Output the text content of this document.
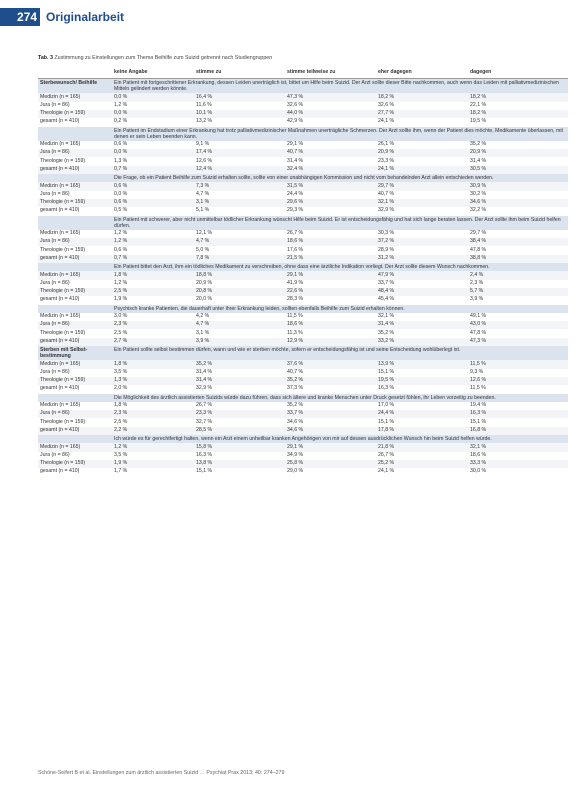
274 Originalarbeit
Tab. 3 Zustimmung zu Einstellungen zum Thema Beihilfe zum Suizid getrennt nach Studiengruppen
	keine Angabe	stimme zu	stimme teilweise zu	eher dagegen	dagegen
Sterbewunsch/ Beihilfe	Ein Patient mit fortgeschrittener Erkrankung, dessen Leiden unerträglich ist, bittet um Hilfe beim Suizid. Der Arzt sollte dieser Bitte nachkommen, auch wenn das Leiden mit palliativmedizinischen Mitteln gelindert werden könnte.				
Medizin (n = 165)	0,0 %	16,4 %	47,3 %	18,2 %	18,2 %
Jura (n = 86)	1,2 %	11,6 %	32,6 %	32,6 %	22,1 %
Theologie (n = 159)	0,0 %	10,1 %	44,0 %	27,7 %	18,2 %
gesamt (n = 410)	0,2 %	13,2 %	42,9 %	24,1 %	19,5 %
	Ein Patient im Endstadium einer Erkrankung hat trotz palliativmedizinischer Maßnahmen unerträgliche Schmerzen. Der Arzt sollte ihm, wenn der Patient dies möchte, Medikamente überlassen, mit denen er sein Leben beenden kann.				
Medizin (n = 165)	0,6 %	9,1 %	29,1 %	26,1 %	35,2 %
Jura (n = 86)	0,0 %	17,4 %	40,7 %	20,9 %	20,9 %
Theologie (n = 159)	1,3 %	12,6 %	31,4 %	23,3 %	31,4 %
gesamt (n = 410)	0,7 %	12,4 %	32,4 %	24,1 %	30,5 %
	Die Frage, ob ein Patient Beihilfe zum Suizid erhalten sollte, sollte von einer unabhängigen Kommission und nicht vom behandelnden Arzt allein entschieden werden.				
Medizin (n = 165)	0,6 %	7,3 %	31,5 %	29,7 %	30,9 %
Jura (n = 86)	0,0 %	4,7 %	24,4 %	40,7 %	30,2 %
Theologie (n = 159)	0,6 %	3,1 %	29,6 %	32,1 %	34,6 %
gesamt (n = 410)	0,5 %	5,1 %	29,3 %	32,9 %	32,2 %
	Ein Patient mit schwerer, aber nicht unmittelbar tödlicher Erkrankung wünscht Hilfe beim Suizid. Er ist entscheidungsfähig und hat sich lange beraten lassen. Der Arzt sollte ihm beim Suizid helfen dürfen.				
Medizin (n = 165)	1,2 %	12,1 %	26,7 %	30,3 %	29,7 %
Jura (n = 86)	1,2 %	4,7 %	18,6 %	37,2 %	38,4 %
Theologie (n = 159)	0,6 %	5,0 %	17,6 %	28,9 %	47,8 %
gesamt (n = 410)	0,7 %	7,8 %	21,5 %	31,2 %	38,8 %
	Ein Patient bittet den Arzt, ihm ein tödliches Medikament zu verschreiben, ohne dass eine ärztliche Indikation vorliegt. Der Arzt sollte diesem Wunsch nachkommen.				
Medizin (n = 165)	1,8 %	18,8 %	29,1 %	47,9 %	2,4 %
Jura (n = 86)	1,2 %	20,9 %	41,9 %	33,7 %	2,3 %
Theologie (n = 159)	2,5 %	20,8 %	22,6 %	48,4 %	5,7 %
gesamt (n = 410)	1,9 %	20,0 %	28,3 %	45,4 %	3,9 %
	Psychisch kranke Patienten, die dauerhaft unter ihrer Erkrankung leiden, sollten ebenfalls Beihilfe zum Suizid erhalten können.				
Medizin (n = 165)	3,0 %	4,2 %	11,5 %	32,1 %	49,1 %
Jura (n = 86)	2,3 %	4,7 %	18,6 %	31,4 %	43,0 %
Theologie (n = 159)	2,5 %	3,1 %	11,3 %	35,2 %	47,8 %
gesamt (n = 410)	2,7 %	3,9 %	12,9 %	33,2 %	47,3 %
Sterben mit Selbst-bestimmung	Ein Patient sollte selbst bestimmen dürfen, wann und wie er sterben möchte, sofern er entscheidungsfähig ist und seine Entscheidung wohlüberlegt ist.				
Medizin (n = 165)	1,8 %	35,2 %	37,6 %	13,9 %	11,5 %
Jura (n = 86)	3,5 %	31,4 %	40,7 %	15,1 %	9,3 %
Theologie (n = 159)	1,3 %	31,4 %	35,2 %	19,5 %	12,6 %
gesamt (n = 410)	2,0 %	32,9 %	37,3 %	16,3 %	11,5 %
	Die Möglichkeit des ärztlich assistierten Suizids würde dazu führen, dass sich ältere und kranke Menschen unter Druck gesetzt fühlen, ihr Leben vorzeitig zu beenden.				
Medizin (n = 165)	1,8 %	26,7 %	35,2 %	17,0 %	19,4 %
Jura (n = 86)	2,3 %	23,3 %	33,7 %	24,4 %	16,3 %
Theologie (n = 159)	2,5 %	32,7 %	34,6 %	15,1 %	15,1 %
gesamt (n = 410)	2,2 %	28,5 %	34,6 %	17,8 %	16,8 %
	Ich würde es für gerechtfertigt halten, wenn ein Arzt einem unheilbar kranken Angehörigen von mir auf dessen ausdrücklichen Wunsch hin beim Suizid helfen würde.				
Medizin (n = 165)	1,2 %	15,8 %	29,1 %	21,8 %	32,1 %
Jura (n = 86)	3,5 %	16,3 %	34,9 %	26,7 %	18,6 %
Theologie (n = 159)	1,9 %	13,8 %	25,8 %	25,2 %	33,3 %
gesamt (n = 410)	1,7 %	15,1 %	29,0 %	24,1 %	30,0 %
Schöne-Seifert B et al. Einstellungen zum ärztlich assistierten Suizid … Psychiat Prax 2013; 40: 274–279
